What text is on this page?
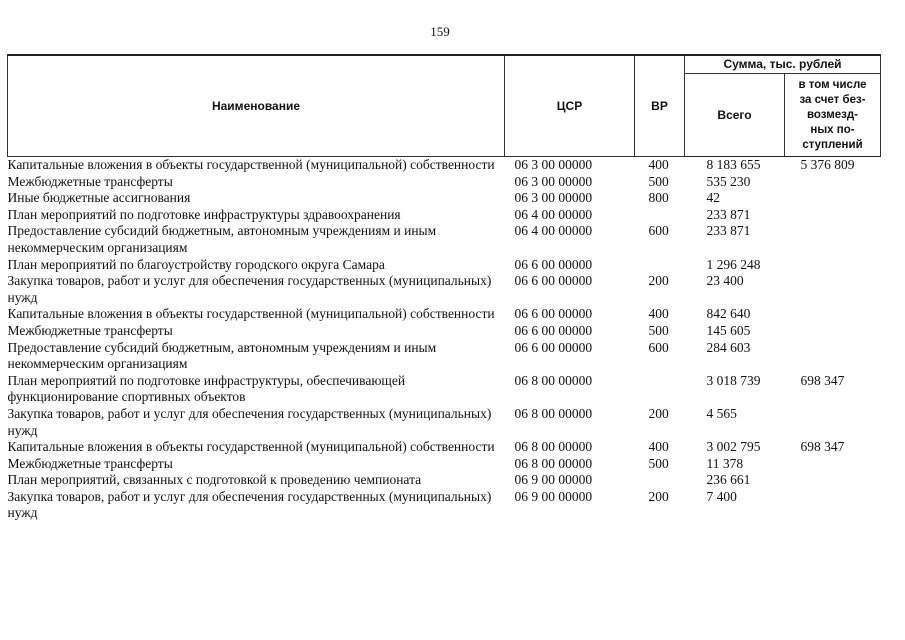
159
Наименование	ЦСР	ВР	Сумма, тыс. рублей	
			Всего	в том числе
за счет без-
возмезд-
ных по-
ступлений
Капитальные вложения в объекты государственной (муниципальной) собственности	06 3 00 00000	400	8 183 655	5 376 809
Межбюджетные трансферты	06 3 00 00000	500	535 230	
Иные бюджетные ассигнования	06 3 00 00000	800	42	
План мероприятий по подготовке инфраструктуры здравоохранения	06 4 00 00000		233 871	
Предоставление субсидий бюджетным, автономным учреждениям и иным некоммерческим организациям	06 4 00 00000	600	233 871	
План мероприятий по благоустройству городского округа Самара	06 6 00 00000		1 296 248	
Закупка товаров, работ и услуг для обеспечения государственных (муниципальных) нужд	06 6 00 00000	200	23 400	
Капитальные вложения в объекты государственной (муниципальной) собственности	06 6 00 00000	400	842 640	
Межбюджетные трансферты	06 6 00 00000	500	145 605	
Предоставление субсидий бюджетным, автономным учреждениям и иным некоммерческим организациям	06 6 00 00000	600	284 603	
План мероприятий по подготовке инфраструктуры, обеспечивающей функционирование спортивных объектов	06 8 00 00000		3 018 739	698 347
Закупка товаров, работ и услуг для обеспечения государственных (муниципальных) нужд	06 8 00 00000	200	4 565	
Капитальные вложения в объекты государственной (муниципальной) собственности	06 8 00 00000	400	3 002 795	698 347
Межбюджетные трансферты	06 8 00 00000	500	11 378	
План мероприятий, связанных с подготовкой к проведению чемпионата	06 9 00 00000		236 661	
Закупка товаров, работ и услуг для обеспечения государственных (муниципальных) нужд	06 9 00 00000	200	7 400	
